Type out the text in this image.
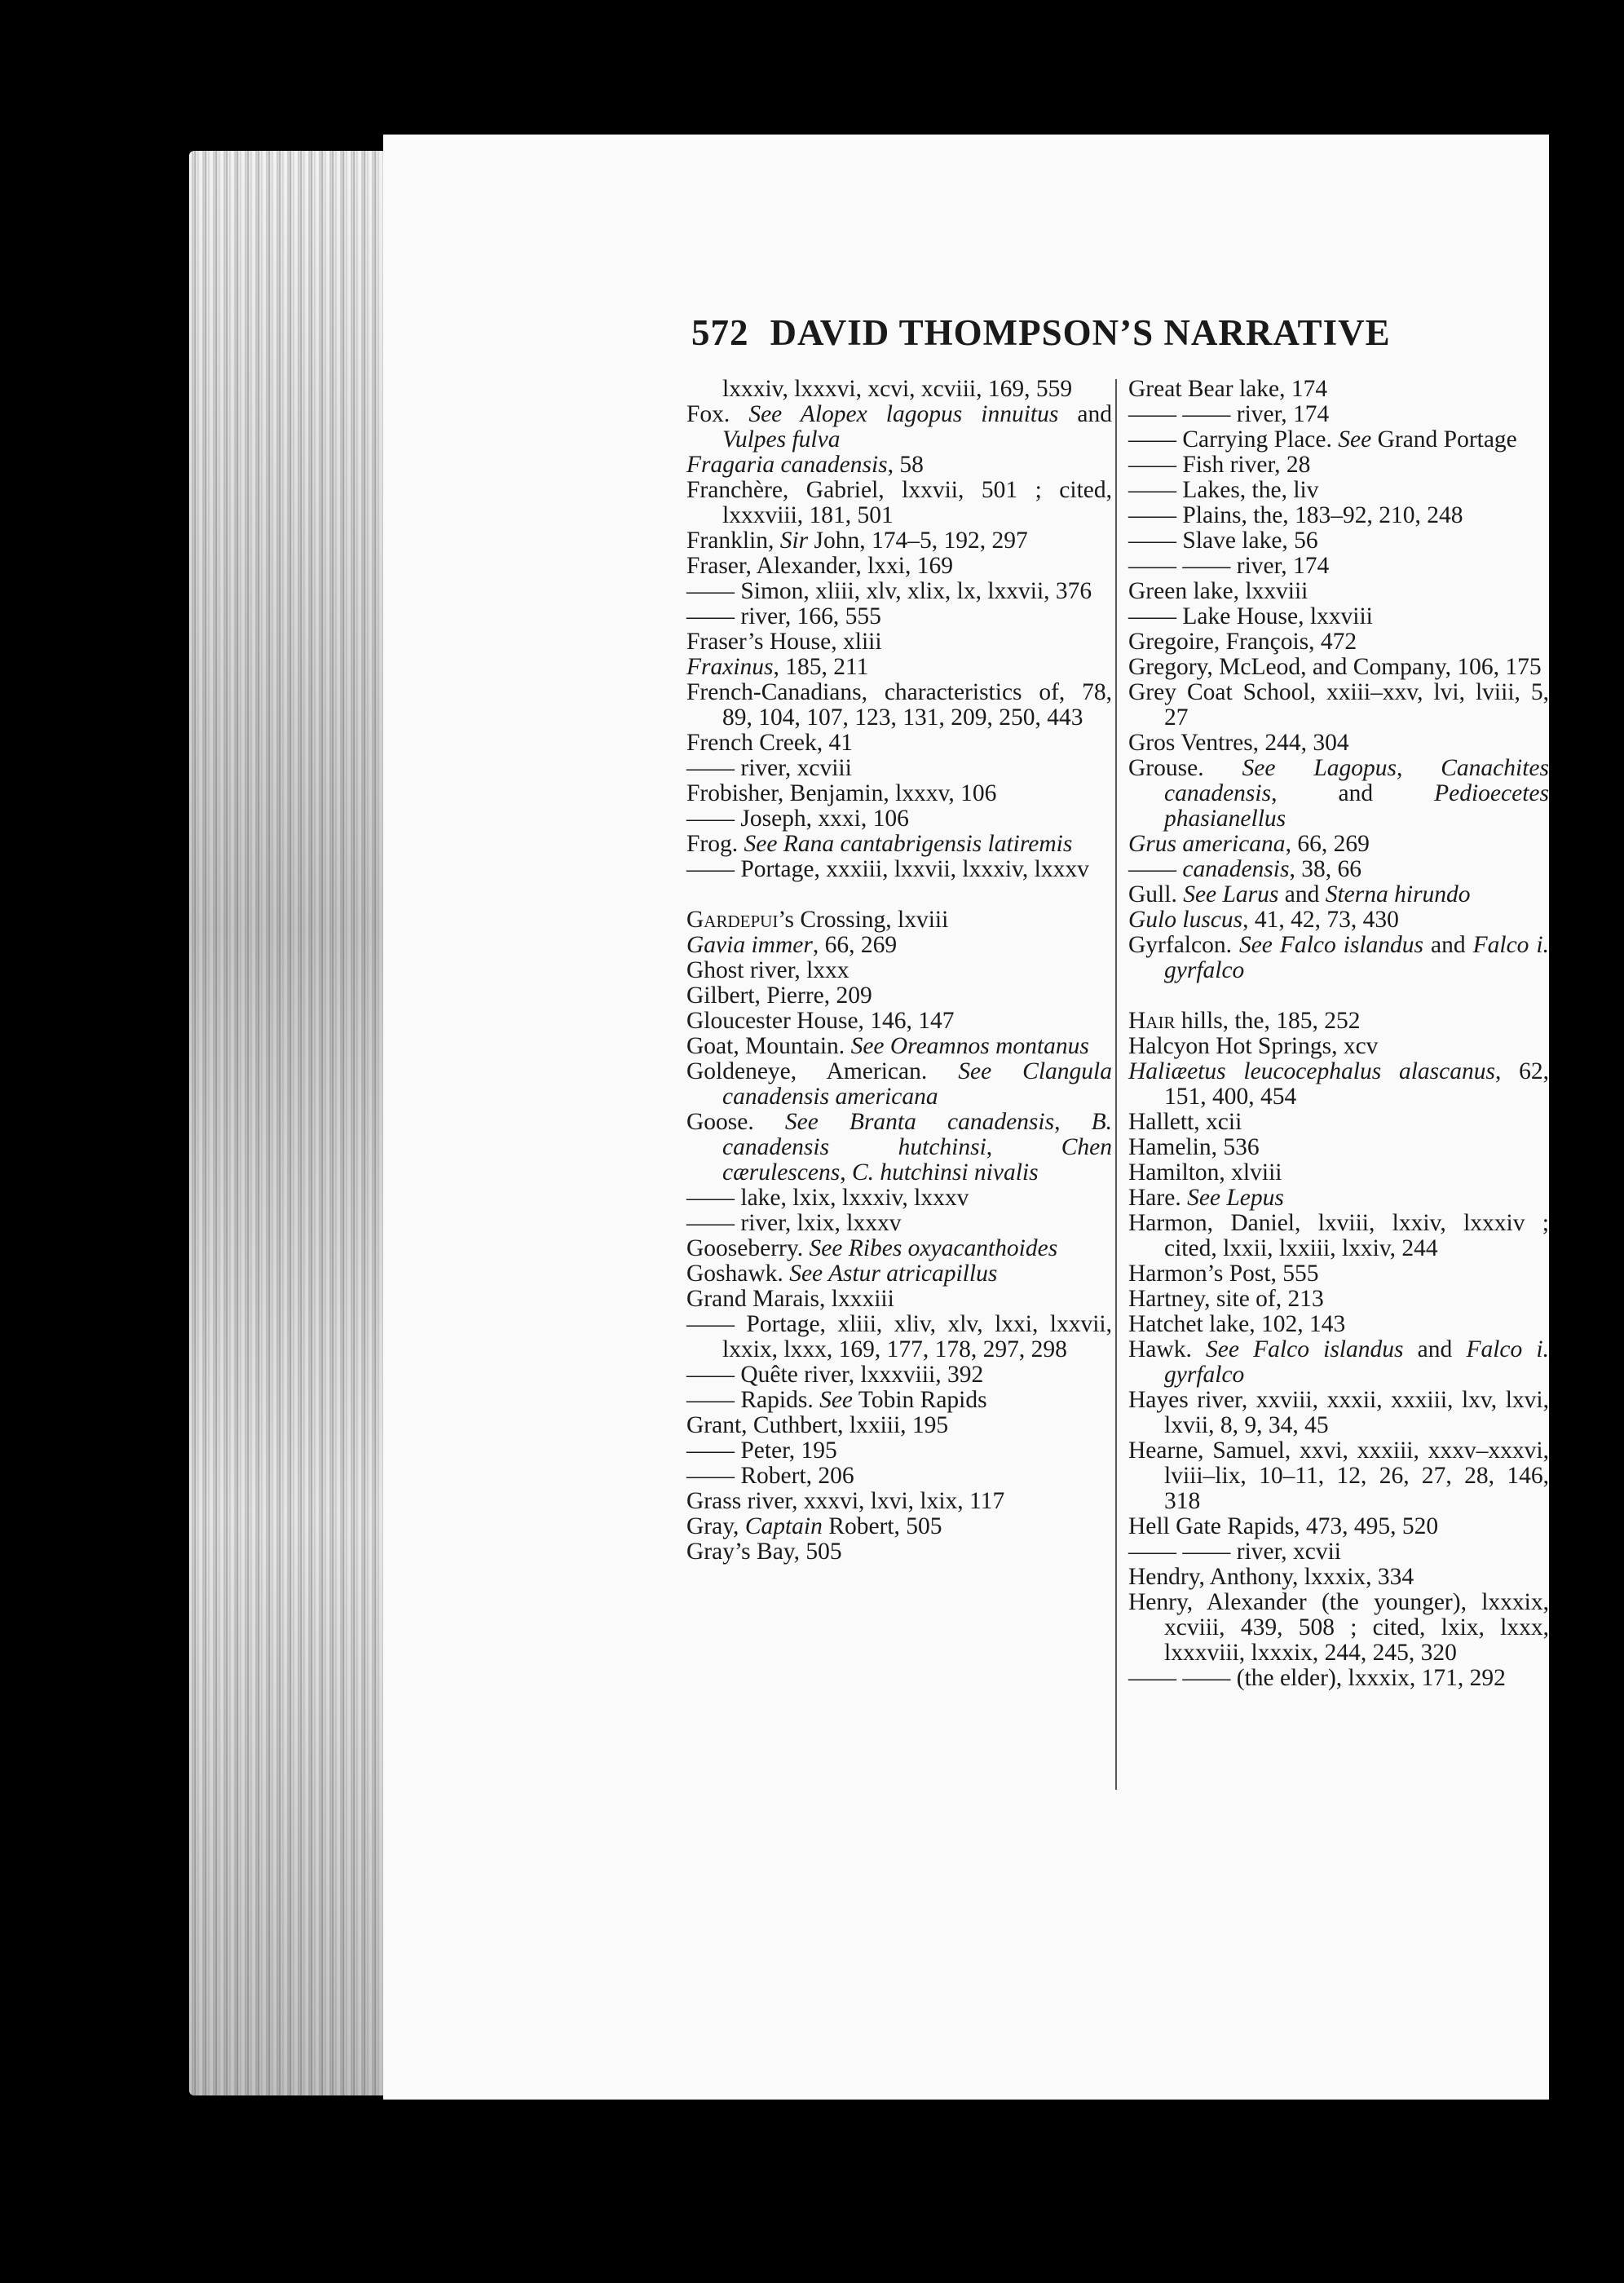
572 DAVID THOMPSON’S NARRATIVE

lxxxiv, lxxxvi, xcvi, xcviii, 169, 559

Fox. See Alopex lagopus innuitus and Vulpes fulva

Fragaria canadensis, 58

Franchère, Gabriel, lxxvii, 501 ; cited, lxxxviii, 181, 501

Franklin, Sir John, 174–5, 192, 297

Fraser, Alexander, lxxi, 169

—— Simon, xliii, xlv, xlix, lx, lxxvii, 376

—— river, 166, 555

Fraser’s House, xliii

Fraxinus, 185, 211

French-Canadians, characteristics of, 78, 89, 104, 107, 123, 131, 209, 250, 443

French Creek, 41

—— river, xcviii

Frobisher, Benjamin, lxxxv, 106

—— Joseph, xxxi, 106

Frog. See Rana cantabrigensis latiremis

—— Portage, xxxiii, lxxvii, lxxxiv, lxxxv

Gardepui’s Crossing, lxviii

Gavia immer, 66, 269

Ghost river, lxxx

Gilbert, Pierre, 209

Gloucester House, 146, 147

Goat, Mountain. See Oreamnos montanus

Goldeneye, American. See Clangula canadensis americana

Goose. See Branta canadensis, B. canadensis hutchinsi, Chen cærulescens, C. hutchinsi nivalis

—— lake, lxix, lxxxiv, lxxxv

—— river, lxix, lxxxv

Gooseberry. See Ribes oxyacanthoides

Goshawk. See Astur atricapillus

Grand Marais, lxxxiii

—— Portage, xliii, xliv, xlv, lxxi, lxxvii, lxxix, lxxx, 169, 177, 178, 297, 298

—— Quête river, lxxxviii, 392

—— Rapids. See Tobin Rapids

Grant, Cuthbert, lxxiii, 195

—— Peter, 195

—— Robert, 206

Grass river, xxxvi, lxvi, lxix, 117

Gray, Captain Robert, 505

Gray’s Bay, 505

Great Bear lake, 174

—— —— river, 174

—— Carrying Place. See Grand Portage

—— Fish river, 28

—— Lakes, the, liv

—— Plains, the, 183–92, 210, 248

—— Slave lake, 56

—— —— river, 174

Green lake, lxxviii

—— Lake House, lxxviii

Gregoire, François, 472

Gregory, McLeod, and Company, 106, 175

Grey Coat School, xxiii–xxv, lvi, lviii, 5, 27

Gros Ventres, 244, 304

Grouse. See Lagopus, Canachites canadensis, and Pedioecetes phasianellus

Grus americana, 66, 269

—— canadensis, 38, 66

Gull. See Larus and Sterna hirundo

Gulo luscus, 41, 42, 73, 430

Gyrfalcon. See Falco islandus and Falco i. gyrfalco

Hair hills, the, 185, 252

Halcyon Hot Springs, xcv

Haliæetus leucocephalus alascanus, 62, 151, 400, 454

Hallett, xcii

Hamelin, 536

Hamilton, xlviii

Hare. See Lepus

Harmon, Daniel, lxviii, lxxiv, lxxxiv ; cited, lxxii, lxxiii, lxxiv, 244

Harmon’s Post, 555

Hartney, site of, 213

Hatchet lake, 102, 143

Hawk. See Falco islandus and Falco i. gyrfalco

Hayes river, xxviii, xxxii, xxxiii, lxv, lxvi, lxvii, 8, 9, 34, 45

Hearne, Samuel, xxvi, xxxiii, xxxv–xxxvi, lviii–lix, 10–11, 12, 26, 27, 28, 146, 318

Hell Gate Rapids, 473, 495, 520

—— —— river, xcvii

Hendry, Anthony, lxxxix, 334

Henry, Alexander (the younger), lxxxix, xcviii, 439, 508 ; cited, lxix, lxxx, lxxxviii, lxxxix, 244, 245, 320

—— —— (the elder), lxxxix, 171, 292
